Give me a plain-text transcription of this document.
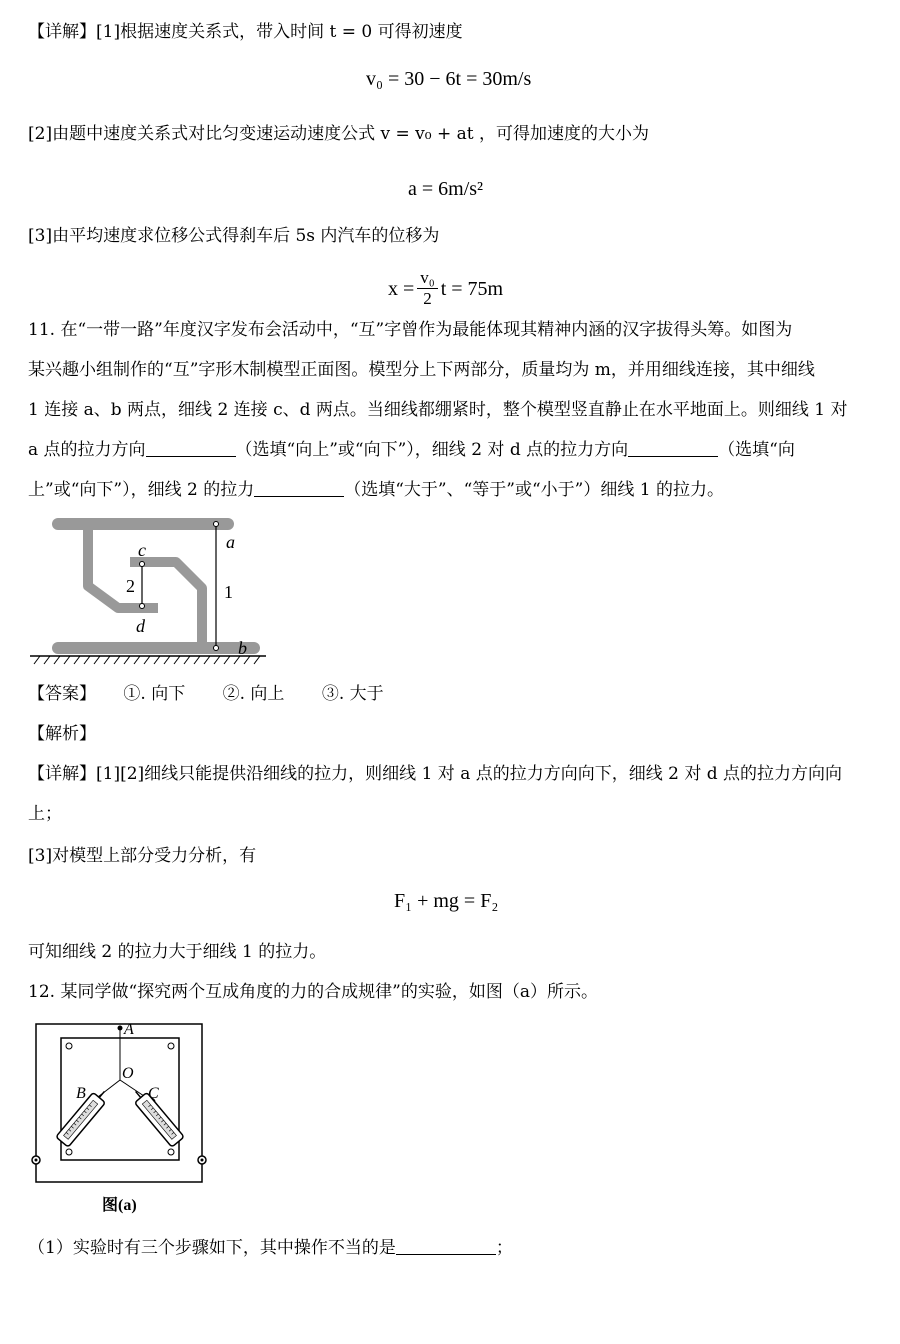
【详解】[1]根据速度关系式，带入时间 t = 0 可得初速度
v₀ = 30 − 6t = 30m/s
[2]由题中速度关系式对比匀变速运动速度公式 v = v₀ + at ，可得加速度的大小为
a = 6m/s²
[3]由平均速度求位移公式得刹车后 5s 内汽车的位移为
$x = \frac{\text{v₀}}{2}$ t = 75m
11. 在“一带一路”年度汉字发布会活动中，“互”字曾作为最能体现其精神内涵的汉字拔得头筹。如图为
某兴趣小组制作的“互”字形木制模型正面图。模型分上下两部分，质量均为 m，并用细线连接，其中细线
1 连接 a、b 两点，细线 2 连接 c、d 两点。当细线都绷紧时，整个模型竖直静止在水平地面上。则细线 1 对
a 点的拉力方向	（选填“向上”或“向下”），细线 2 对 d 点的拉力方向	（选填“向
上”或“向下”），细线 2 的拉力	（选填“大于”、“等于”或“小于”）细线 1 的拉力。
a
b
c
d
1
2
【答案】 ①. 向下 ②. 向上 ③. 大于
【解析】
【详解】[1][2]细线只能提供沿细线的拉力，则细线 1 对 a 点的拉力方向向下，细线 2 对 d 点的拉力方向向
上；
[3]对模型上部分受力分析，有
F₁ + mg = F₂
可知细线 2 的拉力大于细线 1 的拉力。
12. 某同学做“探究两个互成角度的力的合成规律”的实验，如图（a）所示。
A
O
B	C
图(a)
（1）实验时有三个步骤如下，其中操作不当的是	；
